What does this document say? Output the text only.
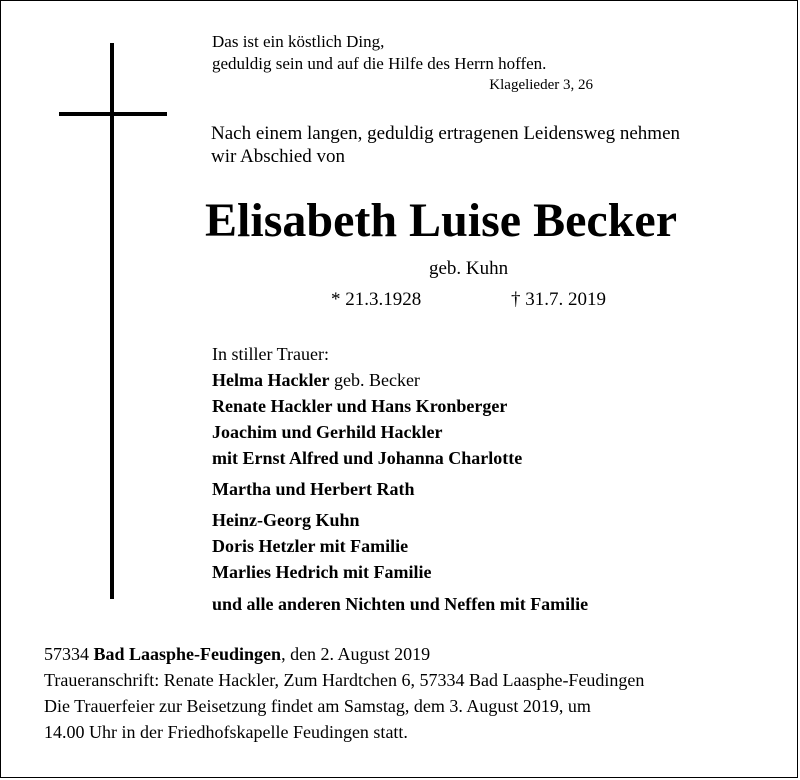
Das ist ein köstlich Ding,
geduldig sein und auf die Hilfe des Herrn hoffen.
Klagelieder 3, 26
Nach einem langen, geduldig ertragenen Leidensweg nehmen
wir Abschied von
Elisabeth Luise Becker
geb. Kuhn
* 21.3.1928	† 31.7. 2019
In stiller Trauer:
Helma Hackler geb. Becker
Renate Hackler und Hans Kronberger
Joachim und Gerhild Hackler
mit Ernst Alfred und Johanna Charlotte
Martha und Herbert Rath
Heinz-Georg Kuhn
Doris Hetzler mit Familie
Marlies Hedrich mit Familie
und alle anderen Nichten und Neffen mit Familie
57334 Bad Laasphe-Feudingen, den 2. August 2019
Traueranschrift: Renate Hackler, Zum Hardtchen 6, 57334 Bad Laasphe-Feudingen
Die Trauerfeier zur Beisetzung findet am Samstag, dem 3. August 2019, um
14.00 Uhr in der Friedhofskapelle Feudingen statt.
